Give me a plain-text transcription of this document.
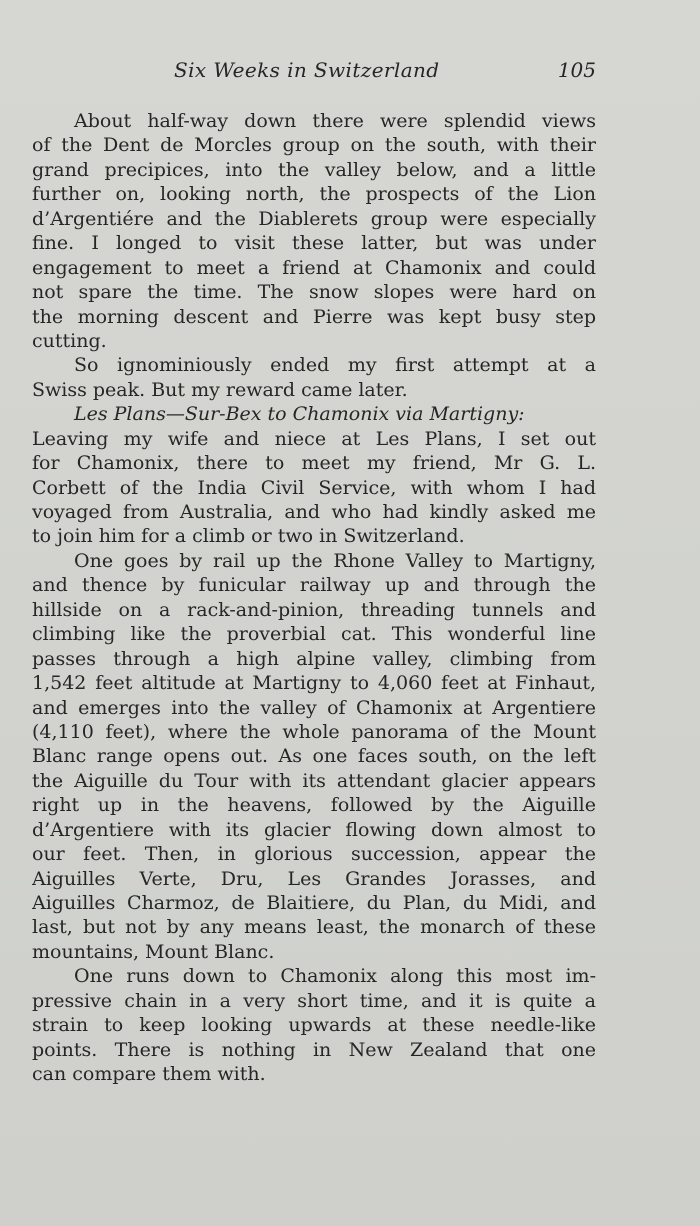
Six Weeks in Switzerland	105
About half-way down there were splendid views
of the Dent de Morcles group on the south, with their
grand precipices, into the valley below, and a little
further on, looking north, the prospects of the Lion
d’Argentiére and the Diablerets group were especially
fine. I longed to visit these latter, but was under
engagement to meet a friend at Chamonix and could
not spare the time. The snow slopes were hard on
the morning descent and Pierre was kept busy step
cutting.
So ignominiously ended my first attempt at a
Swiss peak. But my reward came later.
Les Plans—Sur-Bex to Chamonix via Martigny:
Leaving my wife and niece at Les Plans, I set out
for Chamonix, there to meet my friend, Mr G. L.
Corbett of the India Civil Service, with whom I had
voyaged from Australia, and who had kindly asked me
to join him for a climb or two in Switzerland.
One goes by rail up the Rhone Valley to Martigny,
and thence by funicular railway up and through the
hillside on a rack-and-pinion, threading tunnels and
climbing like the proverbial cat. This wonderful line
passes through a high alpine valley, climbing from
1,542 feet altitude at Martigny to 4,060 feet at Finhaut,
and emerges into the valley of Chamonix at Argentiere
(4,110 feet), where the whole panorama of the Mount
Blanc range opens out. As one faces south, on the left
the Aiguille du Tour with its attendant glacier appears
right up in the heavens, followed by the Aiguille
d’Argentiere with its glacier flowing down almost to
our feet. Then, in glorious succession, appear the
Aiguilles Verte, Dru, Les Grandes Jorasses, and
Aiguilles Charmoz, de Blaitiere, du Plan, du Midi, and
last, but not by any means least, the monarch of these
mountains, Mount Blanc.
One runs down to Chamonix along this most im-
pressive chain in a very short time, and it is quite a
strain to keep looking upwards at these needle-like
points. There is nothing in New Zealand that one
can compare them with.
